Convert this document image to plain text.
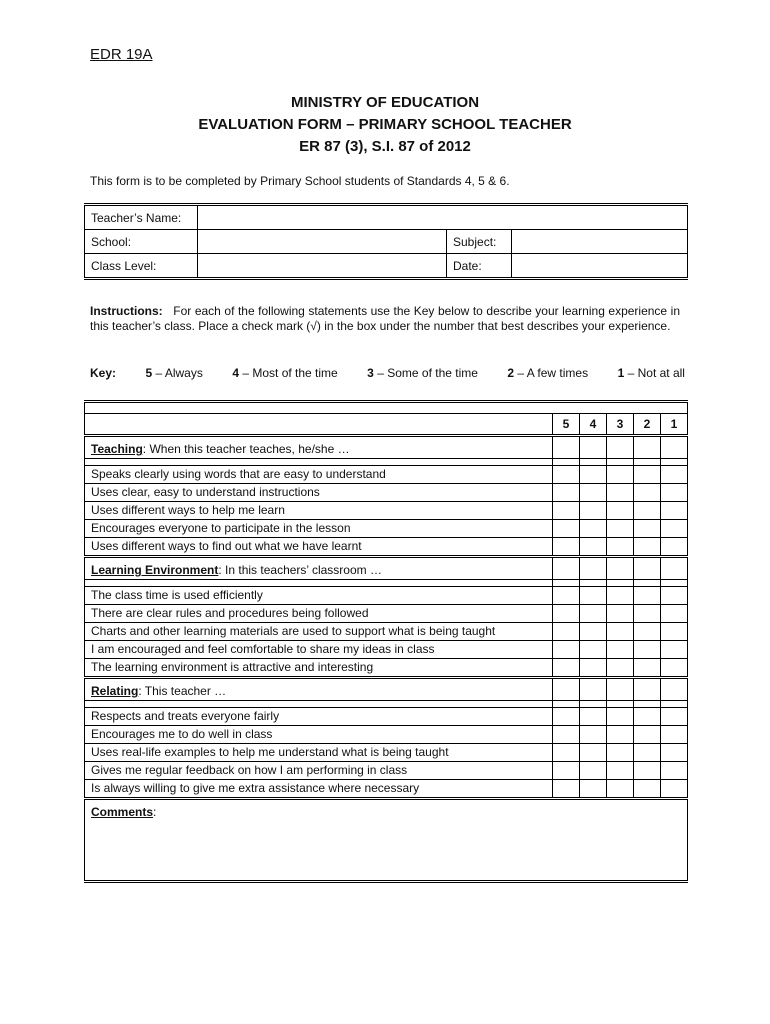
EDR 19A
MINISTRY OF EDUCATION
EVALUATION FORM – PRIMARY SCHOOL TEACHER
ER 87 (3), S.I. 87 of 2012
This form is to be completed by Primary School students of Standards 4, 5 & 6.
Teacher’s Name:			
School:		Subject:	
Class Level:		Date:	
Instructions: For each of the following statements use the Key below to describe your learning experience in this teacher’s class. Place a check mark (√) in the box under the number that best describes your experience.
Key: 5 – Always 4 – Most of the time 3 – Some of the time 2 – A few times 1 – Not at all

	5	4	3	2	1
Teaching: When this teacher teaches, he/she …					

Speaks clearly using words that are easy to understand					
Uses clear, easy to understand instructions					
Uses different ways to help me learn					
Encourages everyone to participate in the lesson					
Uses different ways to find out what we have learnt					
Learning Environment: In this teachers’ classroom …					

The class time is used efficiently					
There are clear rules and procedures being followed					
Charts and other learning materials are used to support what is being taught					
I am encouraged and feel comfortable to share my ideas in class					
The learning environment is attractive and interesting					
Relating: This teacher …					

Respects and treats everyone fairly					
Encourages me to do well in class					
Uses real-life examples to help me understand what is being taught					
Gives me regular feedback on how I am performing in class					
Is always willing to give me extra assistance where necessary					
Comments:					
